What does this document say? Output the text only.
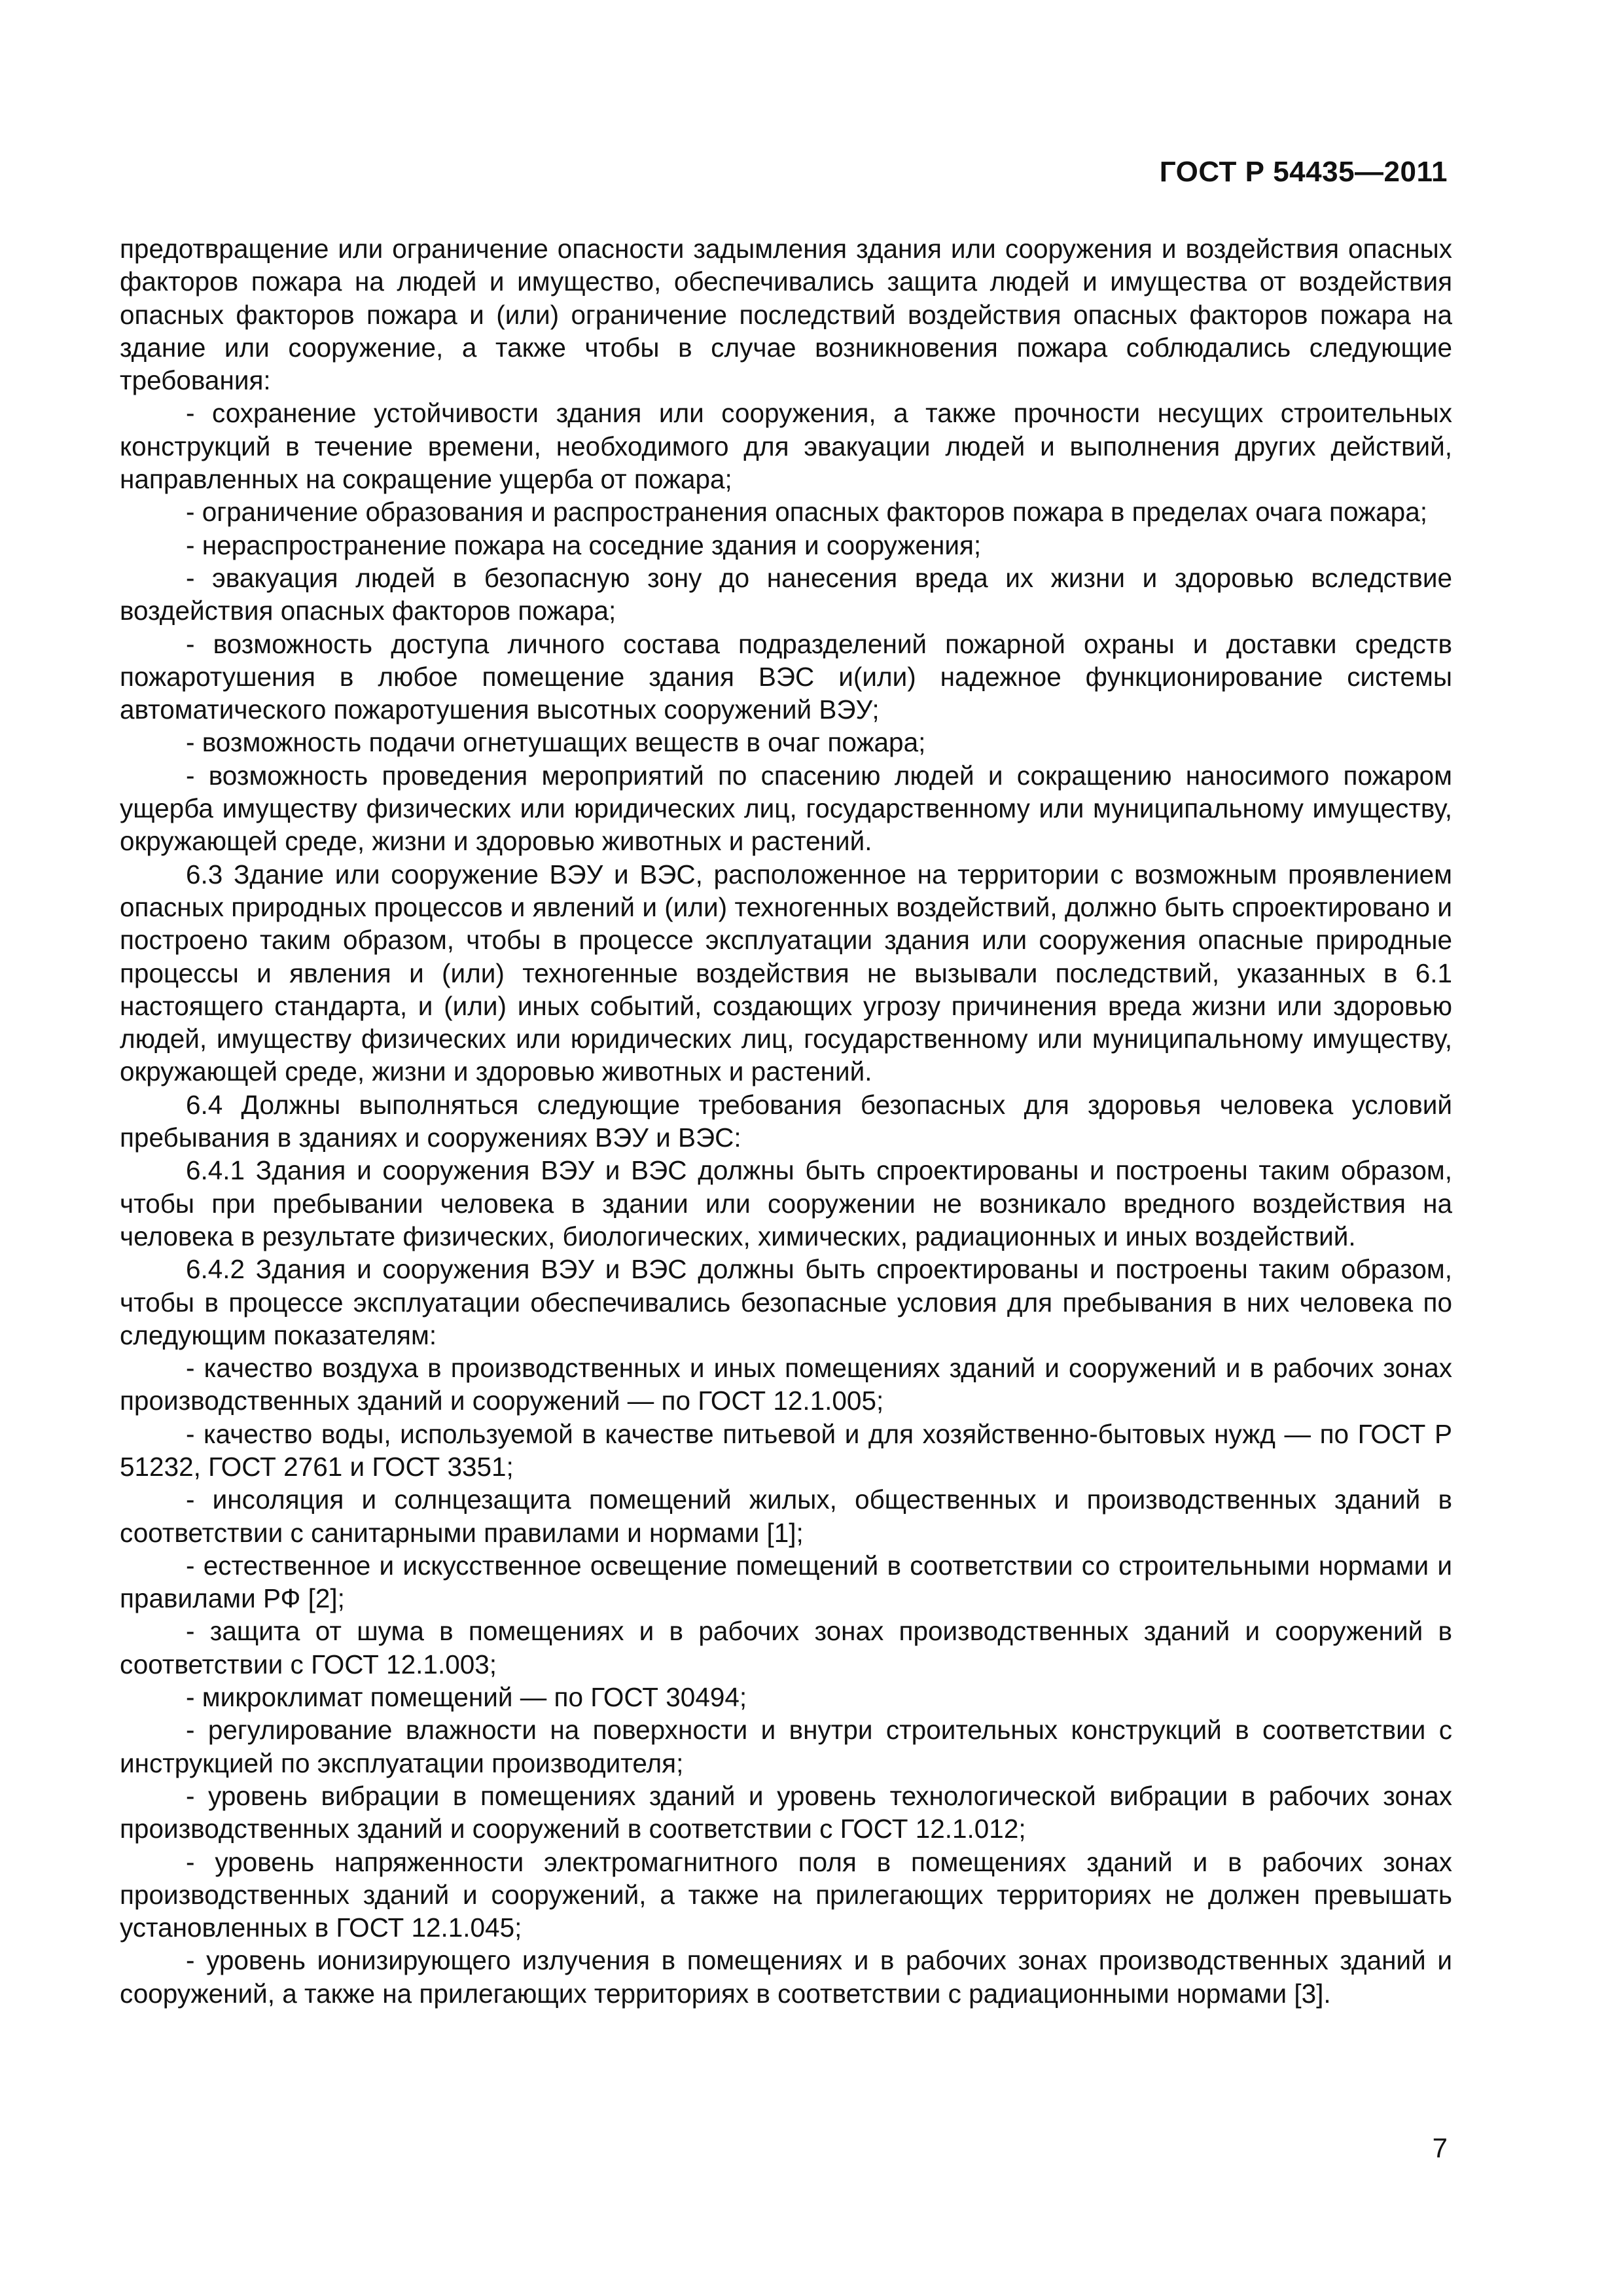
ГОСТ Р 54435—2011

предотвращение или ограничение опасности задымления здания или сооружения и воздействия опасных факторов пожара на людей и имущество, обеспечивались защита людей и имущества от воздействия опасных факторов пожара и (или) ограничение последствий воздействия опасных факторов пожара на здание или сооружение, а также чтобы в случае возникновения пожара соблюдались следующие требования:

- сохранение устойчивости здания или сооружения, а также прочности несущих строительных конструкций в течение времени, необходимого для эвакуации людей и выполнения других действий, направленных на сокращение ущерба от пожара;

- ограничение образования и распространения опасных факторов пожара в пределах очага пожара;

- нераспространение пожара на соседние здания и сооружения;

- эвакуация людей в безопасную зону до нанесения вреда их жизни и здоровью вследствие воздействия опасных факторов пожара;

- возможность доступа личного состава подразделений пожарной охраны и доставки средств пожаротушения в любое помещение здания ВЭС и(или) надежное функционирование системы автоматического пожаротушения высотных сооружений ВЭУ;

- возможность подачи огнетушащих веществ в очаг пожара;

- возможность проведения мероприятий по спасению людей и сокращению наносимого пожаром ущерба имуществу физических или юридических лиц, государственному или муниципальному имуществу, окружающей среде, жизни и здоровью животных и растений.

6.3 Здание или сооружение ВЭУ и ВЭС, расположенное на территории с возможным проявлением опасных природных процессов и явлений и (или) техногенных воздействий, должно быть спроектировано и построено таким образом, чтобы в процессе эксплуатации здания или сооружения опасные природные процессы и явления и (или) техногенные воздействия не вызывали последствий, указанных в 6.1 настоящего стандарта, и (или) иных событий, создающих угрозу причинения вреда жизни или здоровью людей, имуществу физических или юридических лиц, государственному или муниципальному имуществу, окружающей среде, жизни и здоровью животных и растений.

6.4 Должны выполняться следующие требования безопасных для здоровья человека условий пребывания в зданиях и сооружениях ВЭУ и ВЭС:

6.4.1 Здания и сооружения ВЭУ и ВЭС должны быть спроектированы и построены таким образом, чтобы при пребывании человека в здании или сооружении не возникало вредного воздействия на человека в результате физических, биологических, химических, радиационных и иных воздействий.

6.4.2 Здания и сооружения ВЭУ и ВЭС должны быть спроектированы и построены таким образом, чтобы в процессе эксплуатации обеспечивались безопасные условия для пребывания в них человека по следующим показателям:

- качество воздуха в производственных и иных помещениях зданий и сооружений и в рабочих зонах производственных зданий и сооружений — по ГОСТ 12.1.005;

- качество воды, используемой в качестве питьевой и для хозяйственно-бытовых нужд — по ГОСТ Р 51232, ГОСТ 2761 и ГОСТ 3351;

- инсоляция и солнцезащита помещений жилых, общественных и производственных зданий в соответствии с санитарными правилами и нормами [1];

- естественное и искусственное освещение помещений в соответствии со строительными нормами и правилами РФ [2];

- защита от шума в помещениях и в рабочих зонах производственных зданий и сооружений в соответствии с ГОСТ 12.1.003;

- микроклимат помещений — по ГОСТ 30494;

- регулирование влажности на поверхности и внутри строительных конструкций в соответствии с инструкцией по эксплуатации производителя;

- уровень вибрации в помещениях зданий и уровень технологической вибрации в рабочих зонах производственных зданий и сооружений в соответствии с ГОСТ 12.1.012;

- уровень напряженности электромагнитного поля в помещениях зданий и в рабочих зонах производственных зданий и сооружений, а также на прилегающих территориях не должен превышать установленных в ГОСТ 12.1.045;

- уровень ионизирующего излучения в помещениях и в рабочих зонах производственных зданий и сооружений, а также на прилегающих территориях в соответствии с радиационными нормами [3].

7
